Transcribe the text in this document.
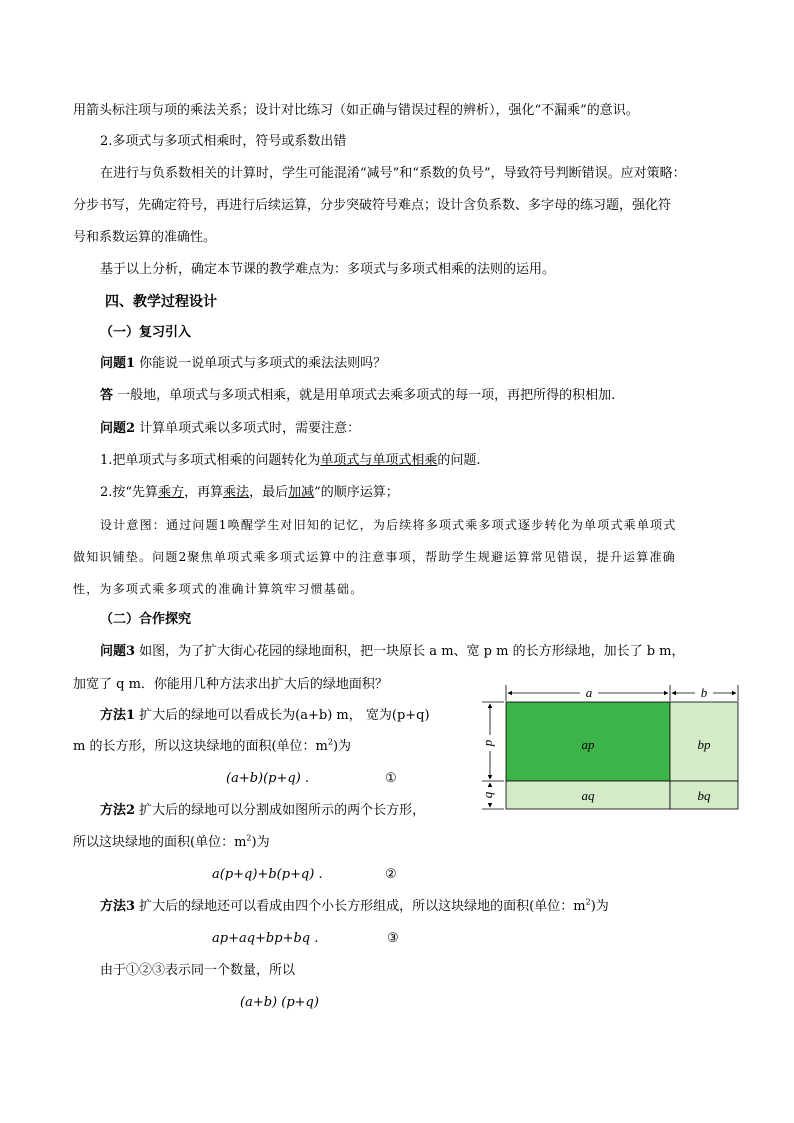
用箭头标注项与项的乘法关系；设计对比练习（如正确与错误过程的辨析），强化“不漏乘”的意识。
2.多项式与多项式相乘时，符号或系数出错
在进行与负系数相关的计算时，学生可能混淆“减号”和“系数的负号”，导致符号判断错误。应对策略：
分步书写，先确定符号，再进行后续运算，分步突破符号难点；设计含负系数、多字母的练习题，强化符
号和系数运算的准确性。
基于以上分析，确定本节课的教学难点为：多项式与多项式相乘的法则的运用。
四、教学过程设计
（一）复习引入
问题1 你能说一说单项式与多项式的乘法法则吗？
答 一般地，单项式与多项式相乘，就是用单项式去乘多项式的每一项，再把所得的积相加.
问题2 计算单项式乘以多项式时，需要注意：
1.把单项式与多项式相乘的问题转化为单项式与单项式相乘的问题.
2.按“先算乘方，再算乘法，最后加减”的顺序运算；
设计意图：通过问题1唤醒学生对旧知的记忆，为后续将多项式乘多项式逐步转化为单项式乘单项式
做知识铺垫。问题2聚焦单项式乘多项式运算中的注意事项，帮助学生规避运算常见错误，提升运算准确
性，为多项式乘多项式的准确计算筑牢习惯基础。
（二）合作探究
问题3 如图，为了扩大街心花园的绿地面积，把一块原长 a m、宽 p m 的长方形绿地，加长了 b m，
加宽了 q m．你能用几种方法求出扩大后的绿地面积？
方法1 扩大后的绿地可以看成长为(a+b) m， 宽为(p+q)
m 的长方形，所以这块绿地的面积(单位：$m^2$)为
(a+b)(p+q) .	①
方法2 扩大后的绿地可以分割成如图所示的两个长方形，
所以这块绿地的面积(单位：$m^2$)为
a(p+q)+b(p+q) .	②
方法3 扩大后的绿地还可以看成由四个小长方形组成，所以这块绿地的面积(单位：$m^2$)为
ap+aq+bp+bq .	③
由于①②③表示同一个数量，所以
(a+b) (p+q)
a	b
p
q
ap	bp
aq	bq
